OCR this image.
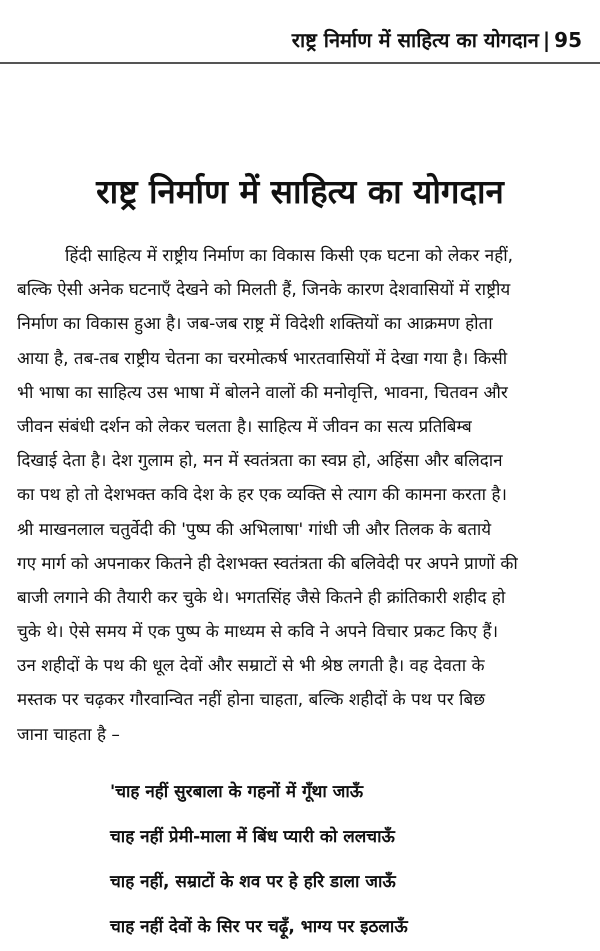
राष्ट्र निर्माण में साहित्य का योगदान | 95
राष्ट्र निर्माण में साहित्य का योगदान
हिंदी साहित्य में राष्ट्रीय निर्माण का विकास किसी एक घटना को लेकर नहीं,
बल्कि ऐसी अनेक घटनाएँ देखने को मिलती हैं, जिनके कारण देशवासियों में राष्ट्रीय
निर्माण का विकास हुआ है। जब-जब राष्ट्र में विदेशी शक्तियों का आक्रमण होता
आया है, तब-तब राष्ट्रीय चेतना का चरमोत्कर्ष भारतवासियों में देखा गया है। किसी
भी भाषा का साहित्य उस भाषा में बोलने वालों की मनोवृत्ति, भावना, चितवन और
जीवन संबंधी दर्शन को लेकर चलता है। साहित्य में जीवन का सत्य प्रतिबिम्ब
दिखाई देता है। देश गुलाम हो, मन में स्वतंत्रता का स्वप्न हो, अहिंसा और बलिदान
का पथ हो तो देशभक्त कवि देश के हर एक व्यक्ति से त्याग की कामना करता है।
श्री माखनलाल चतुर्वेदी की 'पुष्प की अभिलाषा' गांधी जी और तिलक के बताये
गए मार्ग को अपनाकर कितने ही देशभक्त स्वतंत्रता की बलिवेदी पर अपने प्राणों की
बाजी लगाने की तैयारी कर चुके थे। भगतसिंह जैसे कितने ही क्रांतिकारी शहीद हो
चुके थे। ऐसे समय में एक पुष्प के माध्यम से कवि ने अपने विचार प्रकट किए हैं।
उन शहीदों के पथ की धूल देवों और सम्राटों से भी श्रेष्ठ लगती है। वह देवता के
मस्तक पर चढ़कर गौरवान्वित नहीं होना चाहता, बल्कि शहीदों के पथ पर बिछ
जाना चाहता है –
'चाह नहीं सुरबाला के गहनों में गूँथा जाऊँ
चाह नहीं प्रेमी-माला में बिंध प्यारी को ललचाऊँ
चाह नहीं, सम्राटों के शव पर हे हरि डाला जाऊँ
चाह नहीं देवों के सिर पर चढ़ूँ, भाग्य पर इठलाऊँ
